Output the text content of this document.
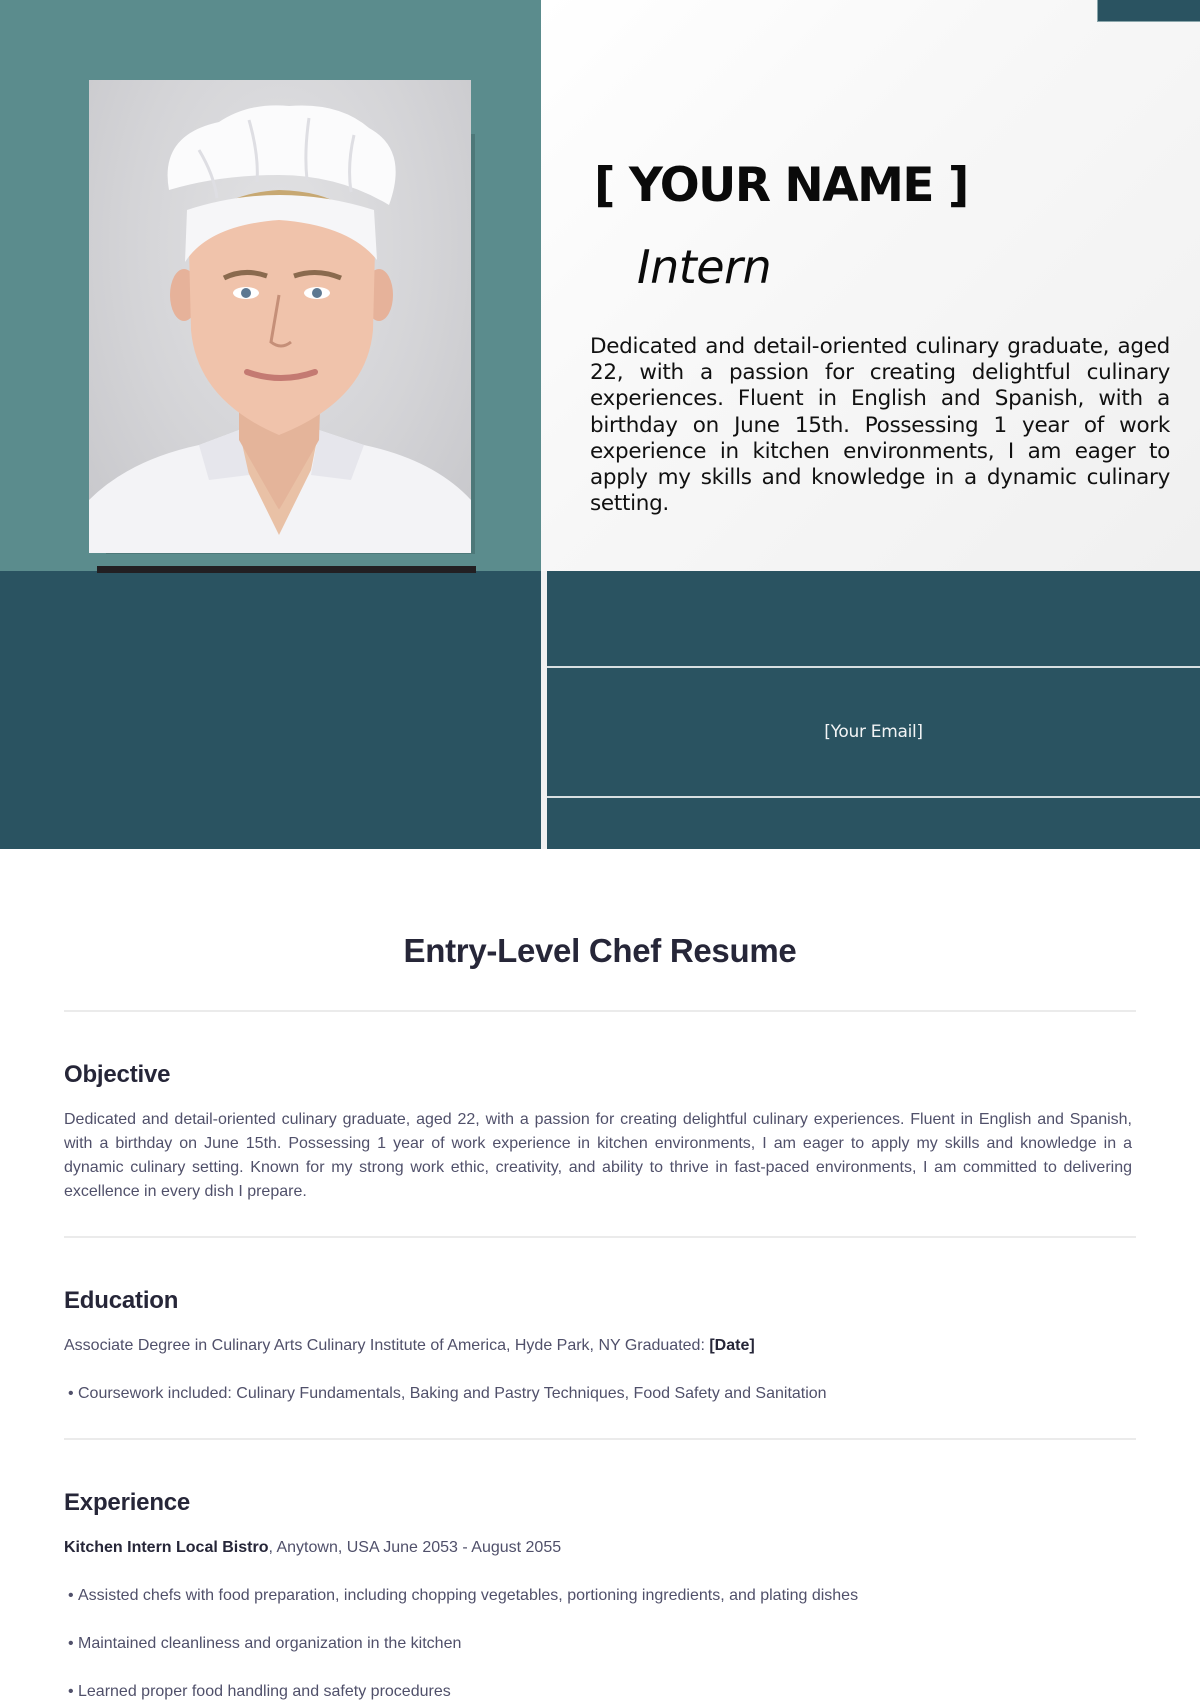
[ YOUR NAME ]
Intern

Dedicated and detail-oriented culinary graduate, aged 22, with a passion for creating delightful culinary experiences. Fluent in English and Spanish, with a birthday on June 15th. Possessing 1 year of work experience in kitchen environments, I am eager to apply my skills and knowledge in a dynamic culinary setting.

[Your Email]
Entry-Level Chef Resume
Objective

Dedicated and detail-oriented culinary graduate, aged 22, with a passion for creating delightful culinary experiences. Fluent in English and Spanish, with a birthday on June 15th. Possessing 1 year of work experience in kitchen environments, I am eager to apply my skills and knowledge in a dynamic culinary setting. Known for my strong work ethic, creativity, and ability to thrive in fast-paced environments, I am committed to delivering excellence in every dish I prepare.

Education
Associate Degree in Culinary Arts Culinary Institute of America, Hyde Park, NY Graduated: [Date]
• Coursework included: Culinary Fundamentals, Baking and Pastry Techniques, Food Safety and Sanitation
Experience
Kitchen Intern Local Bistro, Anytown, USA June 2053 - August 2055
• Assisted chefs with food preparation, including chopping vegetables, portioning ingredients, and plating dishes
• Maintained cleanliness and organization in the kitchen
• Learned proper food handling and safety procedures
